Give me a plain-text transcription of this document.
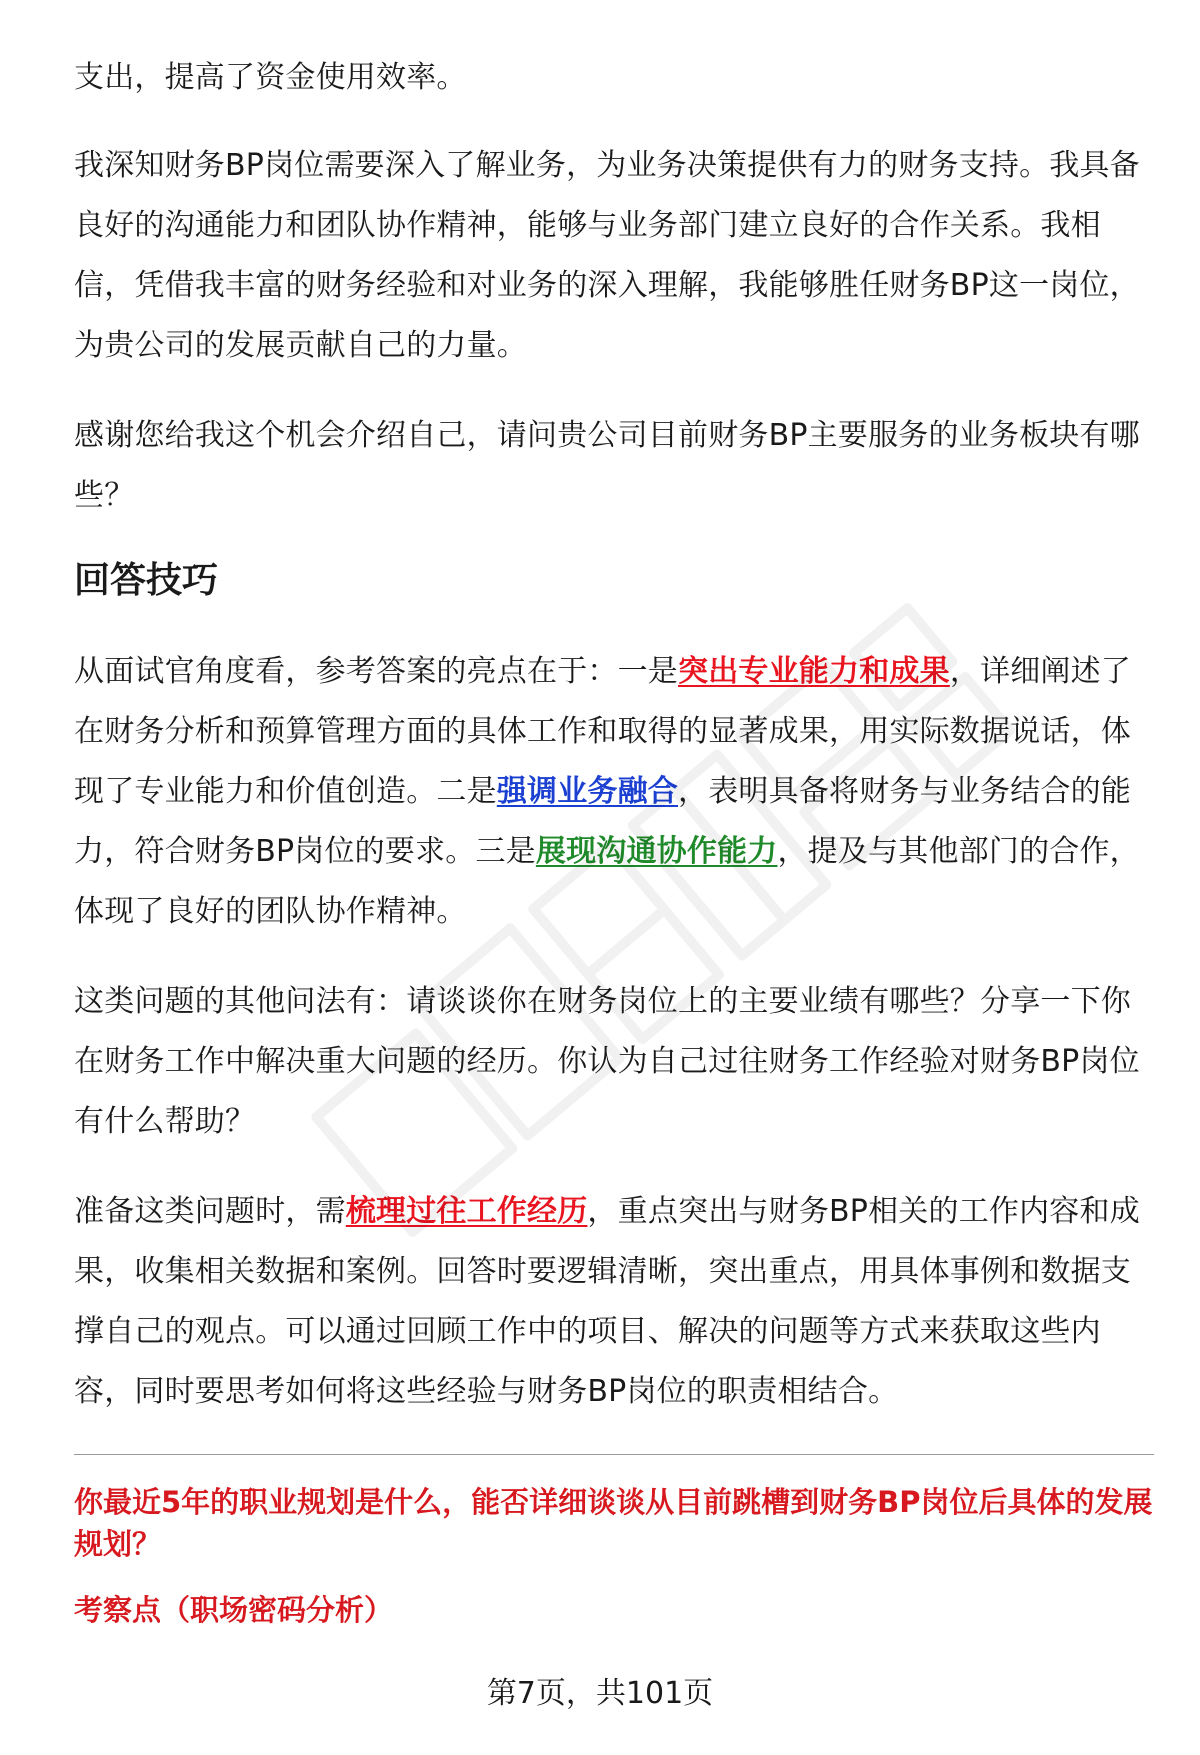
支出，提高了资金使用效率。

我深知财务BP岗位需要深入了解业务，为业务决策提供有力的财务支持。我具备良好的沟通能力和团队协作精神，能够与业务部门建立良好的合作关系。我相信，凭借我丰富的财务经验和对业务的深入理解，我能够胜任财务BP这一岗位，为贵公司的发展贡献自己的力量。

感谢您给我这个机会介绍自己，请问贵公司目前财务BP主要服务的业务板块有哪些？

回答技巧

从面试官角度看，参考答案的亮点在于：一是突出专业能力和成果，详细阐述了在财务分析和预算管理方面的具体工作和取得的显著成果，用实际数据说话，体现了专业能力和价值创造。二是强调业务融合，表明具备将财务与业务结合的能力，符合财务BP岗位的要求。三是展现沟通协作能力，提及与其他部门的合作，体现了良好的团队协作精神。

这类问题的其他问法有：请谈谈你在财务岗位上的主要业绩有哪些？分享一下你在财务工作中解决重大问题的经历。你认为自己过往财务工作经验对财务BP岗位有什么帮助？

准备这类问题时，需梳理过往工作经历，重点突出与财务BP相关的工作内容和成果，收集相关数据和案例。回答时要逻辑清晰，突出重点，用具体事例和数据支撑自己的观点。可以通过回顾工作中的项目、解决的问题等方式来获取这些内容，同时要思考如何将这些经验与财务BP岗位的职责相结合。

你最近5年的职业规划是什么，能否详细谈谈从目前跳槽到财务BP岗位后具体的发展规划？

考察点（职场密码分析）

第7页，共101页
